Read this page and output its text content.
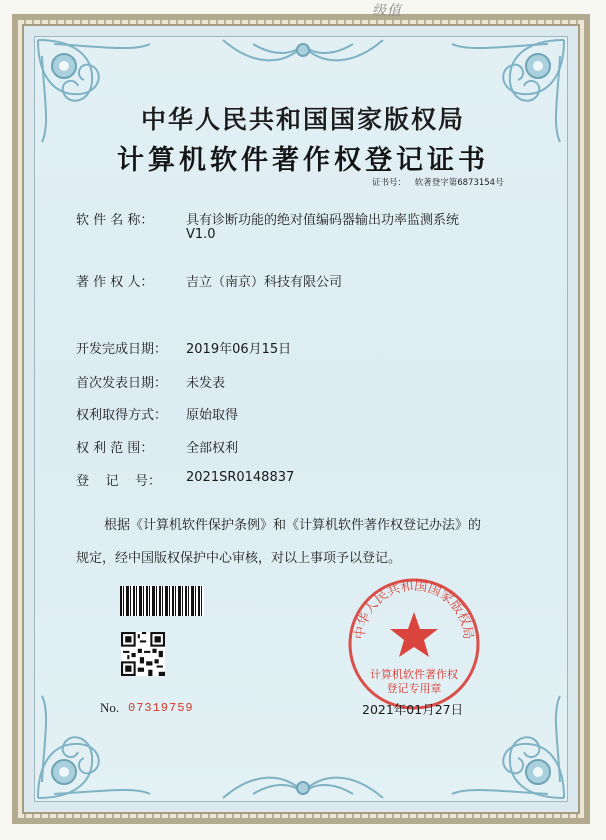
级值
中华人民共和国国家版权局
计算机软件著作权登记证书
证书号： 软著登字第6873154号
软 件 名 称：	具有诊断功能的绝对值编码器输出功率监测系统
V1.0
著 作 权 人：	吉立（南京）科技有限公司
开发完成日期： 2019年06月15日
首次发表日期： 未发表
权利取得方式： 原始取得
权 利 范 围：	全部权利
登    记    号： 2021SR0148837
根据《计算机软件保护条例》和《计算机软件著作权登记办法》的
规定，经中国版权保护中心审核，对以上事项予以登记。
No. 07319759
中华人民共和国国家版权局
计算机软件著作权
登记专用章
2021年01月27日
